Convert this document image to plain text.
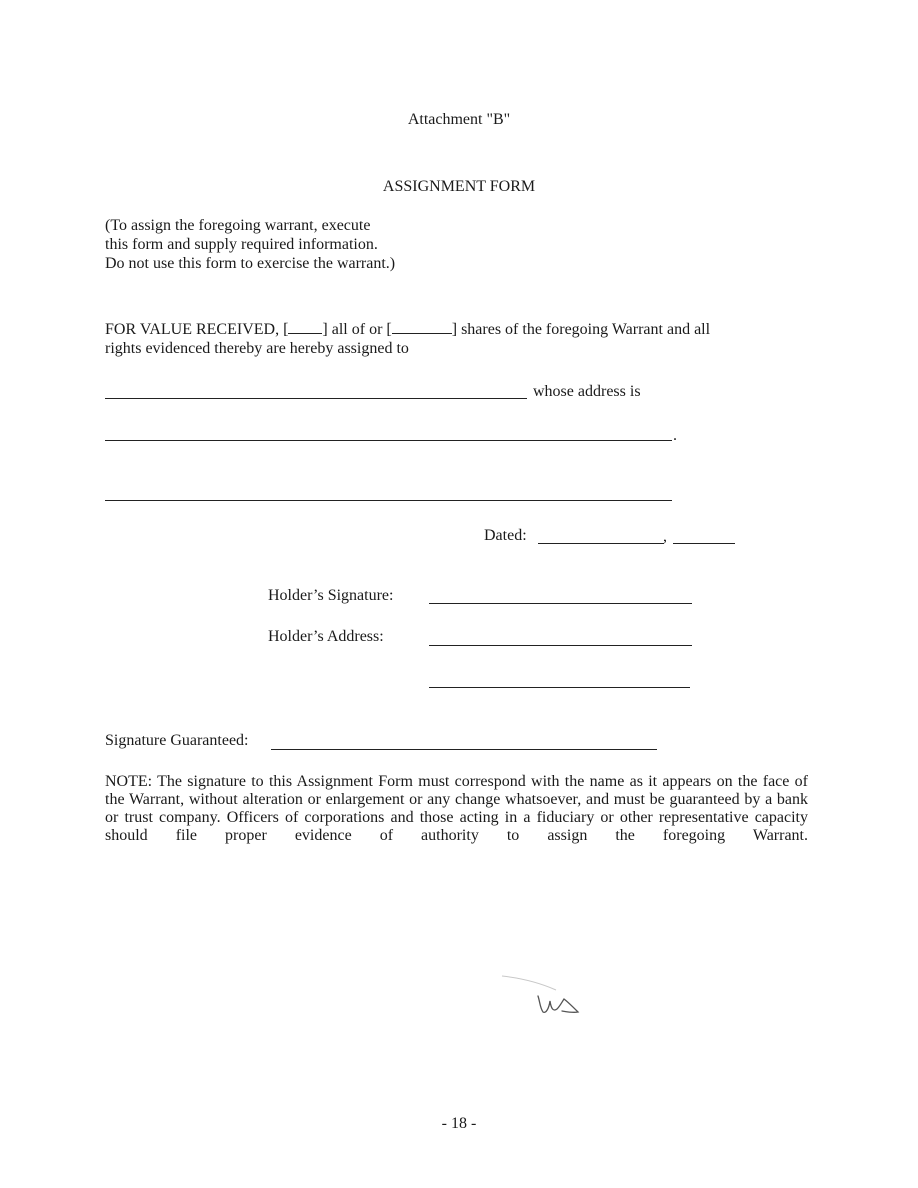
Attachment "B"
ASSIGNMENT FORM
(To assign the foregoing warrant, execute
this form and supply required information.
Do not use this form to exercise the warrant.)
FOR VALUE RECEIVED, [ ] all of or [	] shares of the foregoing Warrant and all
rights evidenced thereby are hereby assigned to
whose address is
.
Dated:	,
Holder’s Signature:
Holder’s Address:
Signature Guaranteed:
NOTE: The signature to this Assignment Form must correspond with the name as it appears on the face of the Warrant, without alteration or enlargement or any change whatsoever, and must be guaranteed by a bank or trust company. Officers of corporations and those acting in a fiduciary or other representative capacity should file proper evidence of authority to assign the foregoing Warrant.
- 18 -
